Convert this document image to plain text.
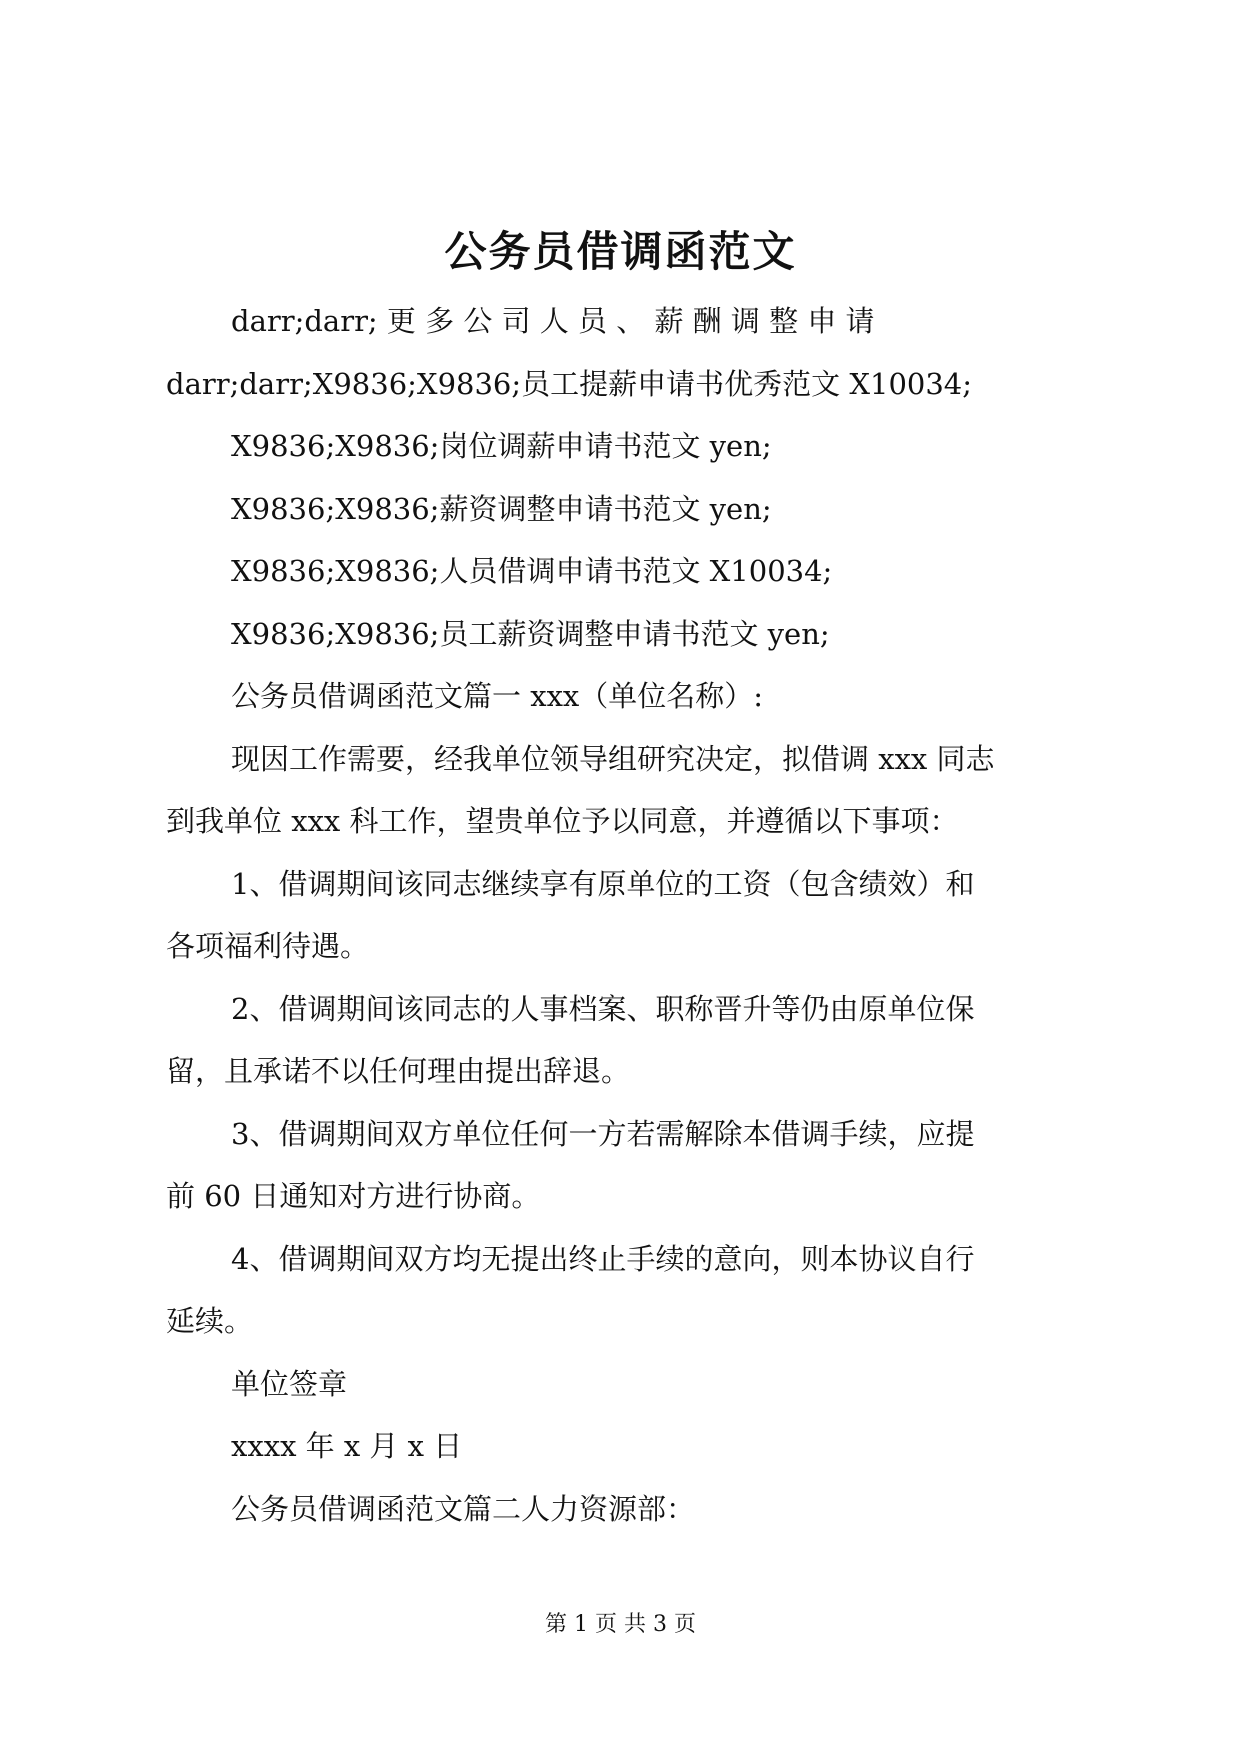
公务员借调函范文
darr;darr; 更 多 公 司 人 员 、 薪 酬 调 整 申 请
darr;darr;X9836;X9836;员工提薪申请书优秀范文 X10034;
X9836;X9836;岗位调薪申请书范文 yen;
X9836;X9836;薪资调整申请书范文 yen;
X9836;X9836;人员借调申请书范文 X10034;
X9836;X9836;员工薪资调整申请书范文 yen;
公务员借调函范文篇一 xxx（单位名称）:
现因工作需要，经我单位领导组研究决定，拟借调 xxx 同志
到我单位 xxx 科工作，望贵单位予以同意，并遵循以下事项：
1、借调期间该同志继续享有原单位的工资（包含绩效）和
各项福利待遇。
2、借调期间该同志的人事档案、职称晋升等仍由原单位保
留，且承诺不以任何理由提出辞退。
3、借调期间双方单位任何一方若需解除本借调手续，应提
前 60 日通知对方进行协商。
4、借调期间双方均无提出终止手续的意向，则本协议自行
延续。
单位签章
xxxx 年 x 月 x 日
公务员借调函范文篇二人力资源部：
第 1 页 共 3 页
